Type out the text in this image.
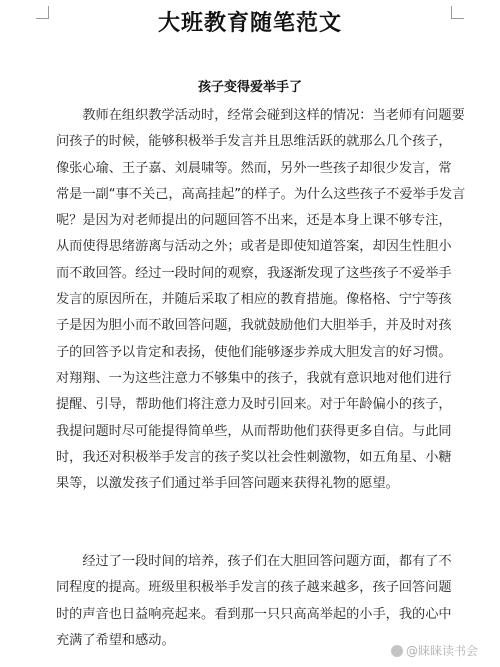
大班教育随笔范文
孩子变得爱举手了
　　教师在组织教学活动时，经常会碰到这样的情况：当老师有问题要
问孩子的时候，能够积极举手发言并且思维活跃的就那么几个孩子，
像张心瑜、王子嘉、刘晨啸等。然而，另外一些孩子却很少发言，常
常是一副“事不关己，高高挂起”的样子。为什么这些孩子不爱举手发言
呢？是因为对老师提出的问题回答不出来，还是本身上课不够专注，
从而使得思绪游离与活动之外；或者是即使知道答案，却因生性胆小
而不敢回答。经过一段时间的观察，我逐渐发现了这些孩子不爱举手
发言的原因所在，并随后采取了相应的教育措施。像格格、宁宁等孩
子是因为胆小而不敢回答问题，我就鼓励他们大胆举手，并及时对孩
子的回答予以肯定和表扬，使他们能够逐步养成大胆发言的好习惯。
对翔翔、一为这些注意力不够集中的孩子，我就有意识地对他们进行
提醒、引导，帮助他们将注意力及时引回来。对于年龄偏小的孩子，
我提问题时尽可能提得简单些，从而帮助他们获得更多自信。与此同
时，我还对积极举手发言的孩子奖以社会性刺激物，如五角星、小糖
果等，以激发孩子们通过举手回答问题来获得礼物的愿望。
　　经过了一段时间的培养，孩子们在大胆回答问题方面，都有了不
同程度的提高。班级里积极举手发言的孩子越来越多，孩子回答问题
时的声音也日益响亮起来。看到那一只只高高举起的小手，我的心中
充满了希望和感动。
@睐睐读书会
